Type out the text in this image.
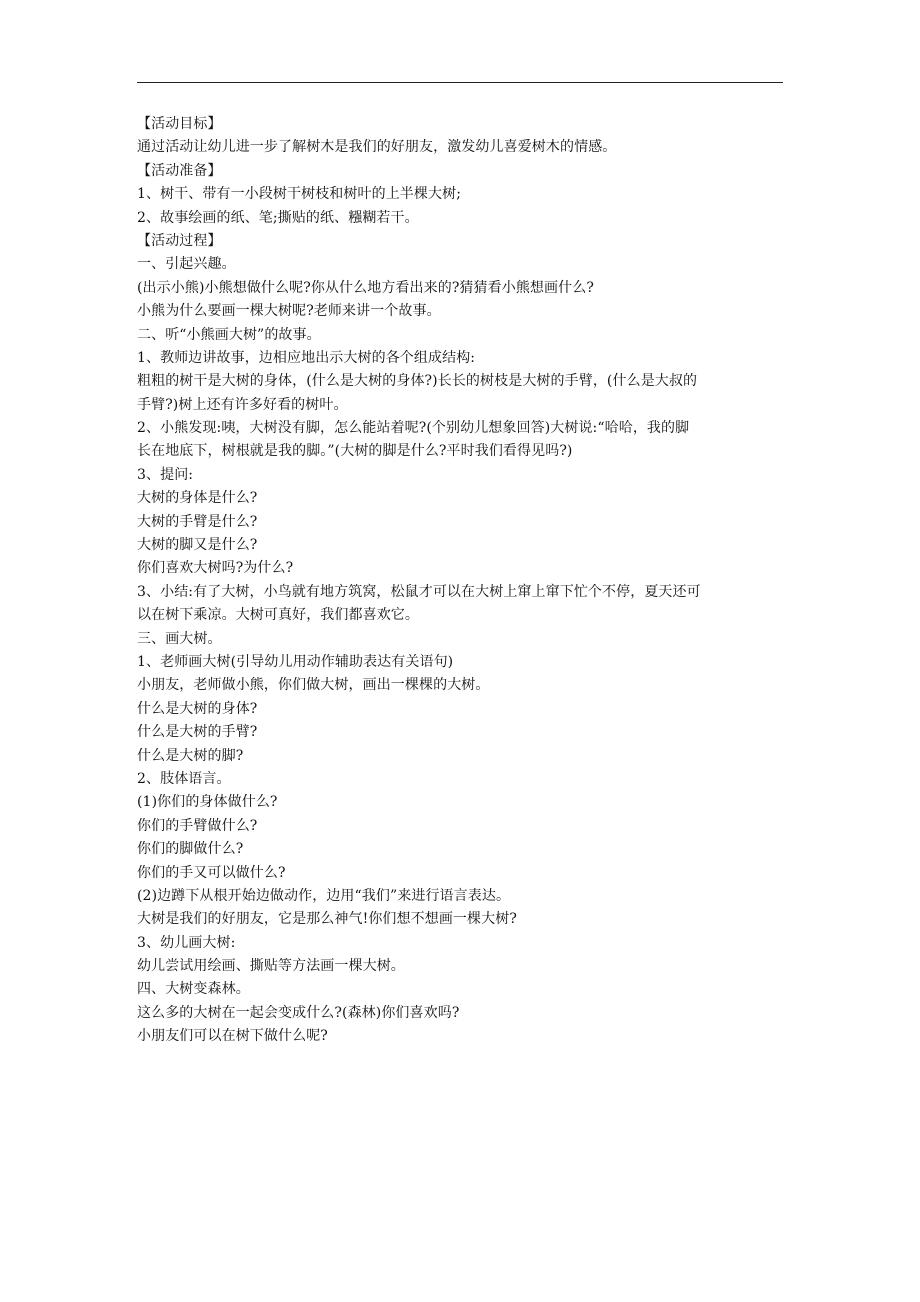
【活动目标】
通过活动让幼儿进一步了解树木是我们的好朋友，激发幼儿喜爱树木的情感。
【活动准备】
1、树干、带有一小段树干树枝和树叶的上半棵大树;
2、故事绘画的纸、笔;撕贴的纸、糨糊若干。
【活动过程】
一、引起兴趣。
(出示小熊)小熊想做什么呢?你从什么地方看出来的?猜猜看小熊想画什么?
小熊为什么要画一棵大树呢?老师来讲一个故事。
二、听“小熊画大树”的故事。
1、教师边讲故事，边相应地出示大树的各个组成结构:
粗粗的树干是大树的身体，(什么是大树的身体?)长长的树枝是大树的手臂，(什么是大叔的
手臂?)树上还有许多好看的树叶。
2、小熊发现:咦，大树没有脚，怎么能站着呢?(个别幼儿想象回答)大树说:“哈哈，我的脚
长在地底下，树根就是我的脚。”(大树的脚是什么?平时我们看得见吗?)
3、提问:
大树的身体是什么?
大树的手臂是什么?
大树的脚又是什么?
你们喜欢大树吗?为什么?
3、小结:有了大树，小鸟就有地方筑窝，松鼠才可以在大树上窜上窜下忙个不停，夏天还可
以在树下乘凉。大树可真好，我们都喜欢它。
三、画大树。
1、老师画大树(引导幼儿用动作辅助表达有关语句)
小朋友，老师做小熊，你们做大树，画出一棵棵的大树。
什么是大树的身体?
什么是大树的手臂?
什么是大树的脚?
2、肢体语言。
(1)你们的身体做什么?
你们的手臂做什么?
你们的脚做什么?
你们的手又可以做什么?
(2)边蹲下从根开始边做动作，边用“我们”来进行语言表达。
大树是我们的好朋友，它是那么神气!你们想不想画一棵大树?
3、幼儿画大树:
幼儿尝试用绘画、撕贴等方法画一棵大树。
四、大树变森林。
这么多的大树在一起会变成什么?(森林)你们喜欢吗?
小朋友们可以在树下做什么呢?
